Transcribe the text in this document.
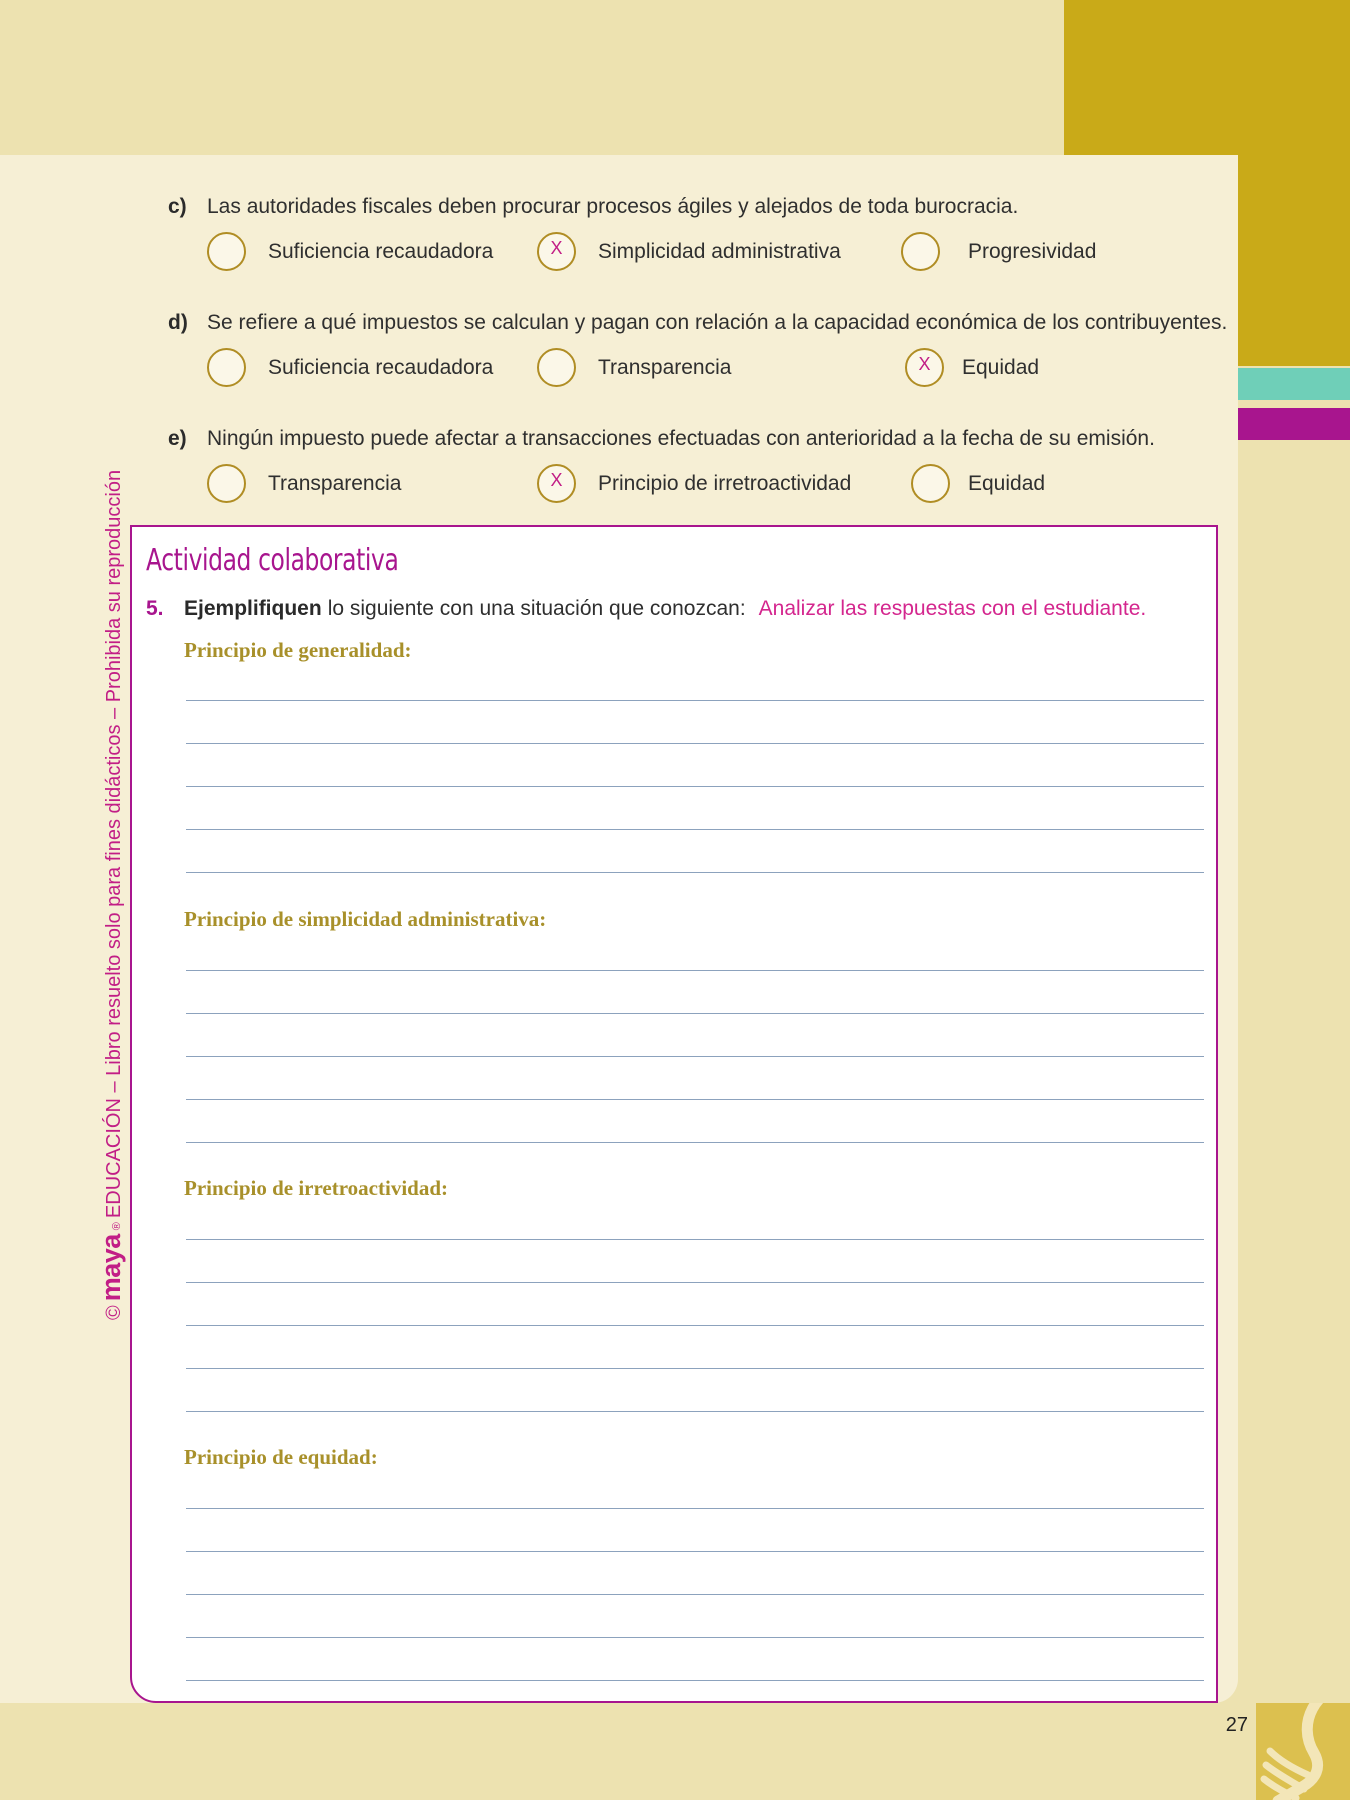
©
maya
®
EDUCACIÓN – Libro resuelto solo para fines didácticos – Prohibida su reproducción
c) Las autoridades fiscales deben procurar procesos ágiles y alejados de toda burocracia.
Suficiencia recaudadora	X Simplicidad administrativa	Progresividad
d) Se refiere a qué impuestos se calculan y pagan con relación a la capacidad económica de los contribuyentes.
Suficiencia recaudadora	Transparencia	X Equidad
e) Ningún impuesto puede afectar a transacciones efectuadas con anterioridad a la fecha de su emisión.
Transparencia	X Principio de irretroactividad	Equidad
Actividad colaborativa
5. Ejemplifiquen lo siguiente con una situación que conozcan: Analizar las respuestas con el estudiante.
Principio de generalidad:
Principio de simplicidad administrativa:
Principio de irretroactividad:
Principio de equidad:
27
